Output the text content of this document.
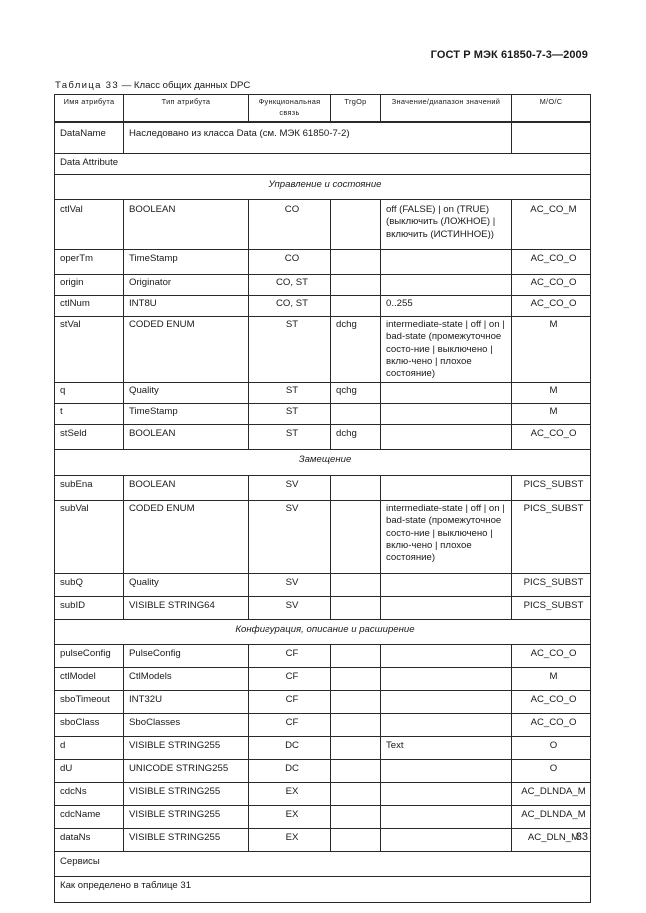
ГОСТ Р МЭК 61850-7-3—2009
Таблица 33 — Класс общих данных DPC
Имя атрибута	Тип атрибута	Функциональная связь	TrgOp	Значение/диапазон значений	M/O/C
DataName	Наследовано из класса Data (см. МЭК 61850-7-2)				
Data Attribute					
Управление и состояние					
ctlVal	BOOLEAN	CO		off (FALSE) | on (TRUE) (выключить (ЛОЖНОЕ) | включить (ИСТИННОЕ))	AC_CO_M
operTm	TimeStamp	CO			AC_CO_O
origin	Originator	CO, ST			AC_CO_O
ctlNum	INT8U	CO, ST		0..255	AC_CO_O
stVal	CODED ENUM	ST	dchg	intermediate-state | off | on | bad-state (промежуточное состо-ние | выключено | вклю-чено | плохое состояние)	M
q	Quality	ST	qchg		M
t	TimeStamp	ST			M
stSeld	BOOLEAN	ST	dchg		AC_CO_O
Замещение					
subEna	BOOLEAN	SV			PICS_SUBST
subVal	CODED ENUM	SV		intermediate-state | off | on | bad-state (промежуточное состо-ние | выключено | вклю-чено | плохое состояние)	PICS_SUBST
subQ	Quality	SV			PICS_SUBST
subID	VISIBLE STRING64	SV			PICS_SUBST
Конфигурация, описание и расширение					
pulseConfig	PulseConfig	CF			AC_CO_O
ctlModel	CtlModels	CF			M
sboTimeout	INT32U	CF			AC_CO_O
sboClass	SboClasses	CF			AC_CO_O
d	VISIBLE STRING255	DC		Text	O
dU	UNICODE STRING255	DC			O
cdcNs	VISIBLE STRING255	EX			AC_DLNDA_M
cdcName	VISIBLE STRING255	EX			AC_DLNDA_M
dataNs	VISIBLE STRING255	EX			AC_DLN_M
Сервисы					
Как определено в таблице 31					
33
